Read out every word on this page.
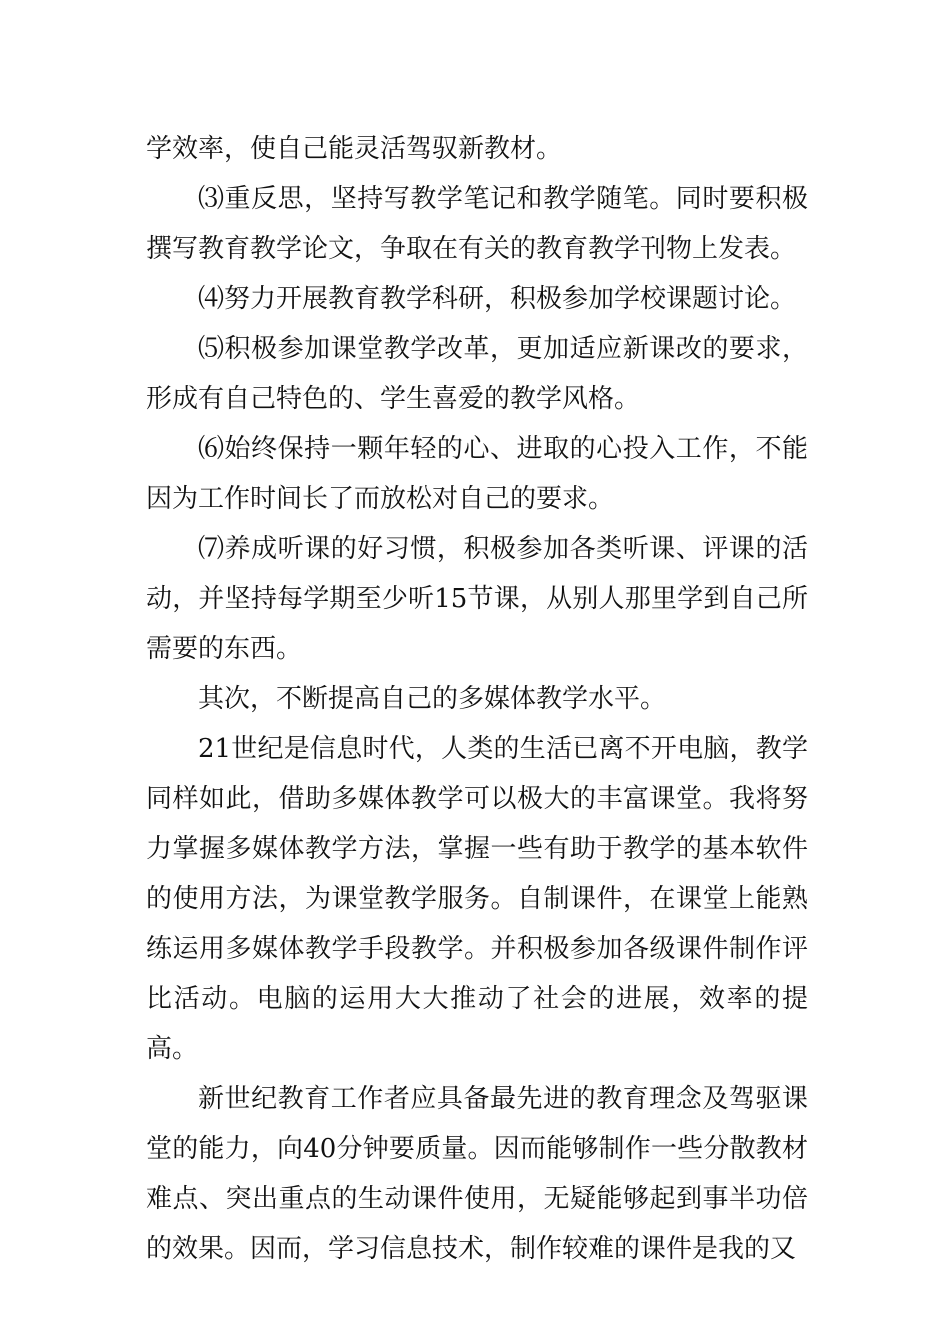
学效率，使自己能灵活驾驭新教材。

⑶重反思，坚持写教学笔记和教学随笔。同时要积极撰写教育教学论文，争取在有关的教育教学刊物上发表。

⑷努力开展教育教学科研，积极参加学校课题讨论。

⑸积极参加课堂教学改革，更加适应新课改的要求，形成有自己特色的、学生喜爱的教学风格。

⑹始终保持一颗年轻的心、进取的心投入工作，不能因为工作时间长了而放松对自己的要求。

⑺养成听课的好习惯，积极参加各类听课、评课的活动，并坚持每学期至少听15节课，从别人那里学到自己所需要的东西。

其次，不断提高自己的多媒体教学水平。

21世纪是信息时代，人类的生活已离不开电脑，教学同样如此，借助多媒体教学可以极大的丰富课堂。我将努力掌握多媒体教学方法，掌握一些有助于教学的基本软件的使用方法，为课堂教学服务。自制课件，在课堂上能熟练运用多媒体教学手段教学。并积极参加各级课件制作评比活动。电脑的运用大大推动了社会的进展，效率的提高。

新世纪教育工作者应具备最先进的教育理念及驾驱课堂的能力，向40分钟要质量。因而能够制作一些分散教材难点、突出重点的生动课件使用，无疑能够起到事半功倍的效果。因而，学习信息技术，制作较难的课件是我的又
